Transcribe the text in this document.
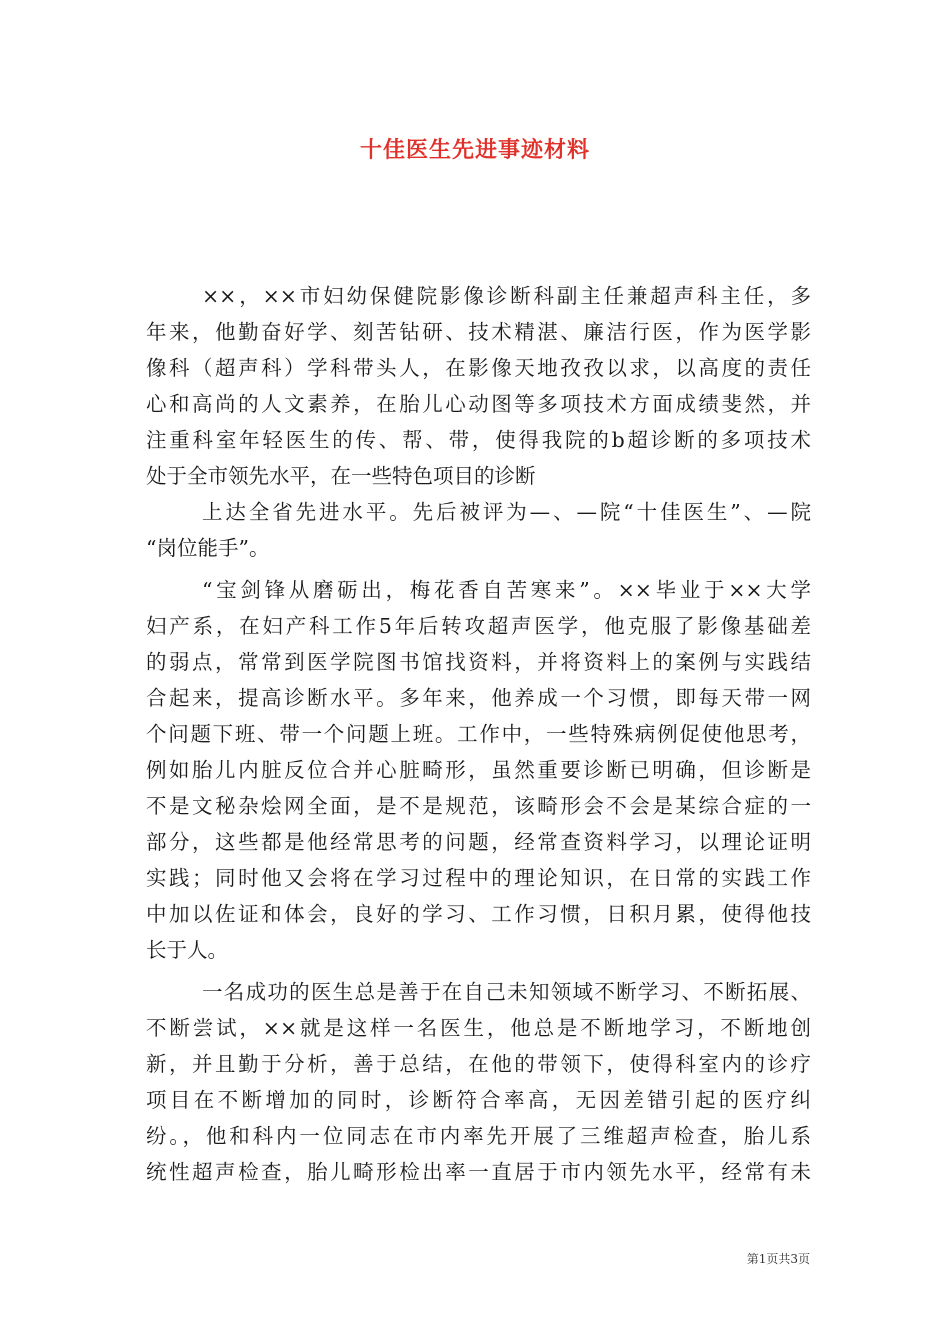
十佳医生先进事迹材料
××，××市妇幼保健院影像诊断科副主任兼超声科主任，多
年来，他勤奋好学、刻苦钻研、技术精湛、廉洁行医，作为医学影
像科（超声科）学科带头人，在影像天地孜孜以求，以高度的责任
心和高尚的人文素养，在胎儿心动图等多项技术方面成绩斐然，并
注重科室年轻医生的传、帮、带，使得我院的b超诊断的多项技术
处于全市领先水平，在一些特色项目的诊断
上达全省先进水平。先后被评为—、—院“十佳医生”、—院
“岗位能手”。
“宝剑锋从磨砺出，梅花香自苦寒来”。××毕业于××大学
妇产系，在妇产科工作5年后转攻超声医学，他克服了影像基础差
的弱点，常常到医学院图书馆找资料，并将资料上的案例与实践结
合起来，提高诊断水平。多年来，他养成一个习惯，即每天带一网
个问题下班、带一个问题上班。工作中，一些特殊病例促使他思考，
例如胎儿内脏反位合并心脏畸形，虽然重要诊断已明确，但诊断是
不是文秘杂烩网全面，是不是规范，该畸形会不会是某综合症的一
部分，这些都是他经常思考的问题，经常查资料学习，以理论证明
实践；同时他又会将在学习过程中的理论知识，在日常的实践工作
中加以佐证和体会，良好的学习、工作习惯，日积月累，使得他技
长于人。
一名成功的医生总是善于在自己未知领域不断学习、不断拓展、
不断尝试，××就是这样一名医生，他总是不断地学习，不断地创
新，并且勤于分析，善于总结，在他的带领下，使得科室内的诊疗
项目在不断增加的同时，诊断符合率高，无因差错引起的医疗纠
纷。，他和科内一位同志在市内率先开展了三维超声检查，胎儿系
统性超声检查，胎儿畸形检出率一直居于市内领先水平，经常有未
第1页共3页
